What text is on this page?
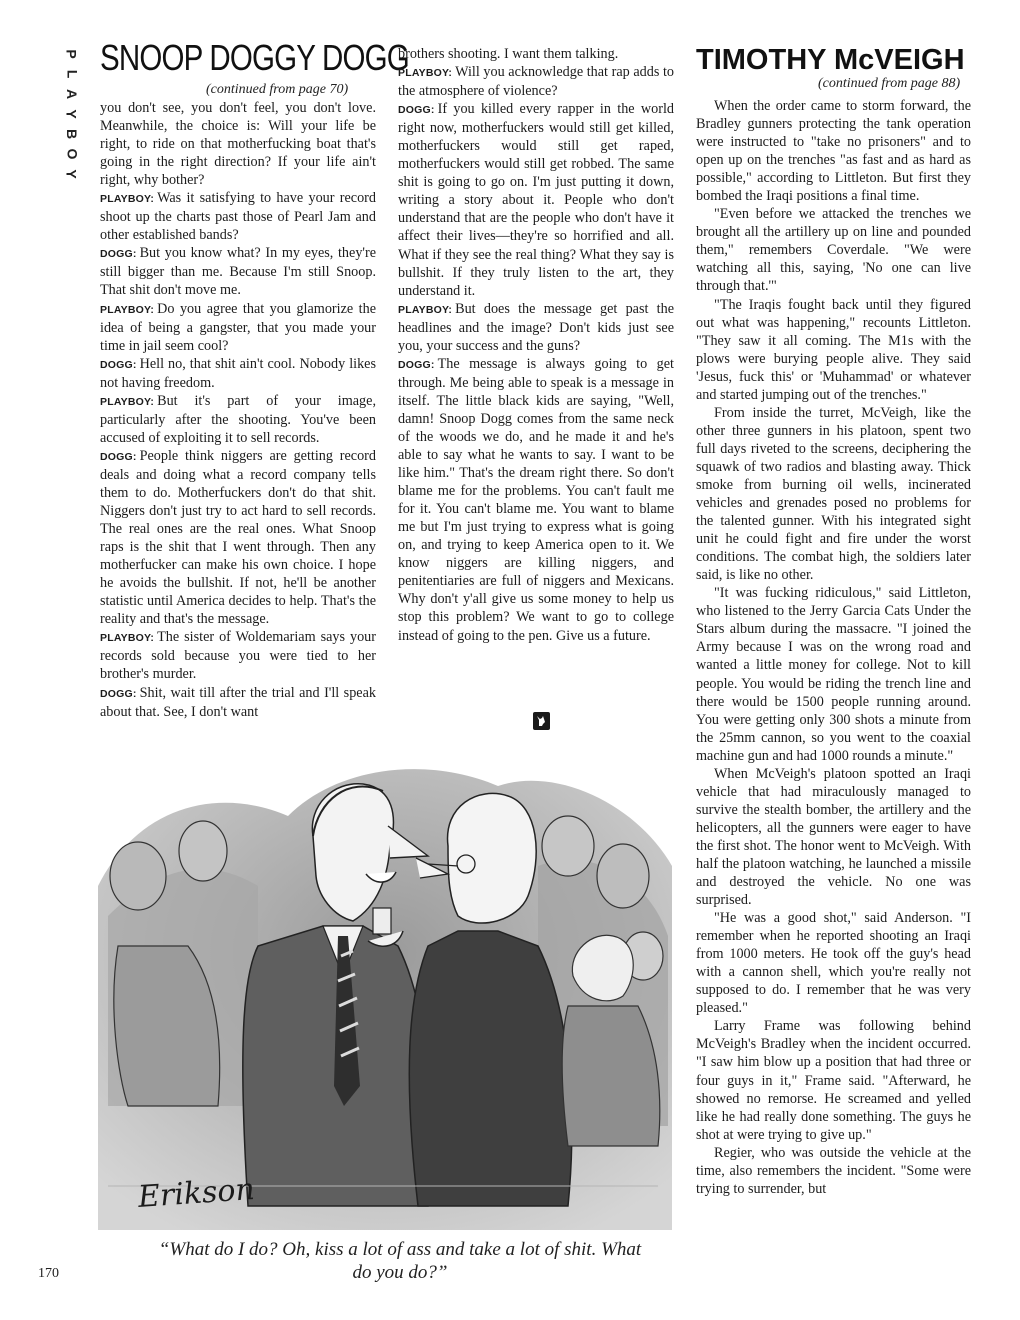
P
L
A
Y
B
O
Y
SNOOP DOGGY DOGG
(continued from page 70)

you don't see, you don't feel, you don't love. Meanwhile, the choice is: Will your life be right, to ride on that motherfucking boat that's going in the right direction? If your life ain't right, why bother?

PLAYBOY: Was it satisfying to have your record shoot up the charts past those of Pearl Jam and other established bands?

DOGG: But you know what? In my eyes, they're still bigger than me. Because I'm still Snoop. That shit don't move me.

PLAYBOY: Do you agree that you glamorize the idea of being a gangster, that you made your time in jail seem cool?

DOGG: Hell no, that shit ain't cool. Nobody likes not having freedom.

PLAYBOY: But it's part of your image, particularly after the shooting. You've been accused of exploiting it to sell records.

DOGG: People think niggers are getting record deals and doing what a record company tells them to do. Motherfuckers don't do that shit. Niggers don't just try to act hard to sell records. The real ones are the real ones. What Snoop raps is the shit that I went through. Then any motherfucker can make his own choice. I hope he avoids the bullshit. If not, he'll be another statistic until America decides to help. That's the reality and that's the message.

PLAYBOY: The sister of Woldemariam says your records sold because you were tied to her brother's murder.

DOGG: Shit, wait till after the trial and I'll speak about that. See, I don't want

brothers shooting. I want them talking.

PLAYBOY: Will you acknowledge that rap adds to the atmosphere of violence?

DOGG: If you killed every rapper in the world right now, motherfuckers would still get killed, motherfuckers would still get raped, motherfuckers would still get robbed. The same shit is going to go on. I'm just putting it down, writing a story about it. People who don't understand that are the people who don't have it affect their lives—they're so horrified and all. What if they see the real thing? What they say is bullshit. If they truly listen to the art, they understand it.

PLAYBOY: But does the message get past the headlines and the image? Don't kids just see you, your success and the guns?

DOGG: The message is always going to get through. Me being able to speak is a message in itself. The little black kids are saying, "Well, damn! Snoop Dogg comes from the same neck of the woods we do, and he made it and he's able to say what he wants to say. I want to be like him." That's the dream right there. So don't blame me for the problems. You can't fault me for it. You can't blame me. You want to blame me but I'm just trying to express what is going on, and trying to keep America open to it. We know niggers are killing niggers, and penitentiaries are full of niggers and Mexicans. Why don't y'all give us some money to help us stop this problem? We want to go to college instead of going to the pen. Give us a future.

TIMOTHY McVEIGH
(continued from page 88)

When the order came to storm forward, the Bradley gunners protecting the tank operation were instructed to "take no prisoners" and to open up on the trenches "as fast and as hard as possible," according to Littleton. But first they bombed the Iraqi positions a final time.

"Even before we attacked the trenches we brought all the artillery up on line and pounded them," remembers Coverdale. "We were watching all this, saying, 'No one can live through that.'"

"The Iraqis fought back until they figured out what was happening," recounts Littleton. "They saw it all coming. The M1s with the plows were burying people alive. They said 'Jesus, fuck this' or 'Muhammad' or whatever and started jumping out of the trenches."

From inside the turret, McVeigh, like the other three gunners in his platoon, spent two full days riveted to the screens, deciphering the squawk of two radios and blasting away. Thick smoke from burning oil wells, incinerated vehicles and grenades posed no problems for the talented gunner. With his integrated sight unit he could fight and fire under the worst conditions. The combat high, the soldiers later said, is like no other.

"It was fucking ridiculous," said Littleton, who listened to the Jerry Garcia Cats Under the Stars album during the massacre. "I joined the Army because I was on the wrong road and wanted a little money for college. Not to kill people. You would be riding the trench line and there would be 1500 people running around. You were getting only 300 shots a minute from the 25mm cannon, so you went to the coaxial machine gun and had 1000 rounds a minute."

When McVeigh's platoon spotted an Iraqi vehicle that had miraculously managed to survive the stealth bomber, the artillery and the helicopters, all the gunners were eager to have the first shot. The honor went to McVeigh. With half the platoon watching, he launched a missile and destroyed the vehicle. No one was surprised.

"He was a good shot," said Anderson. "I remember when he reported shooting an Iraqi from 1000 meters. He took off the guy's head with a cannon shell, which you're really not supposed to do. I remember that he was very pleased."

Larry Frame was following behind McVeigh's Bradley when the incident occurred. "I saw him blow up a position that had three or four guys in it," Frame said. "Afterward, he showed no remorse. He screamed and yelled like he had really done something. The guys he shot at were trying to give up."

Regier, who was outside the vehicle at the time, also remembers the incident. "Some were trying to surrender, but

Erikson
“What do I do? Oh, kiss a lot of ass and take a lot of shit. What do you do?”
170
